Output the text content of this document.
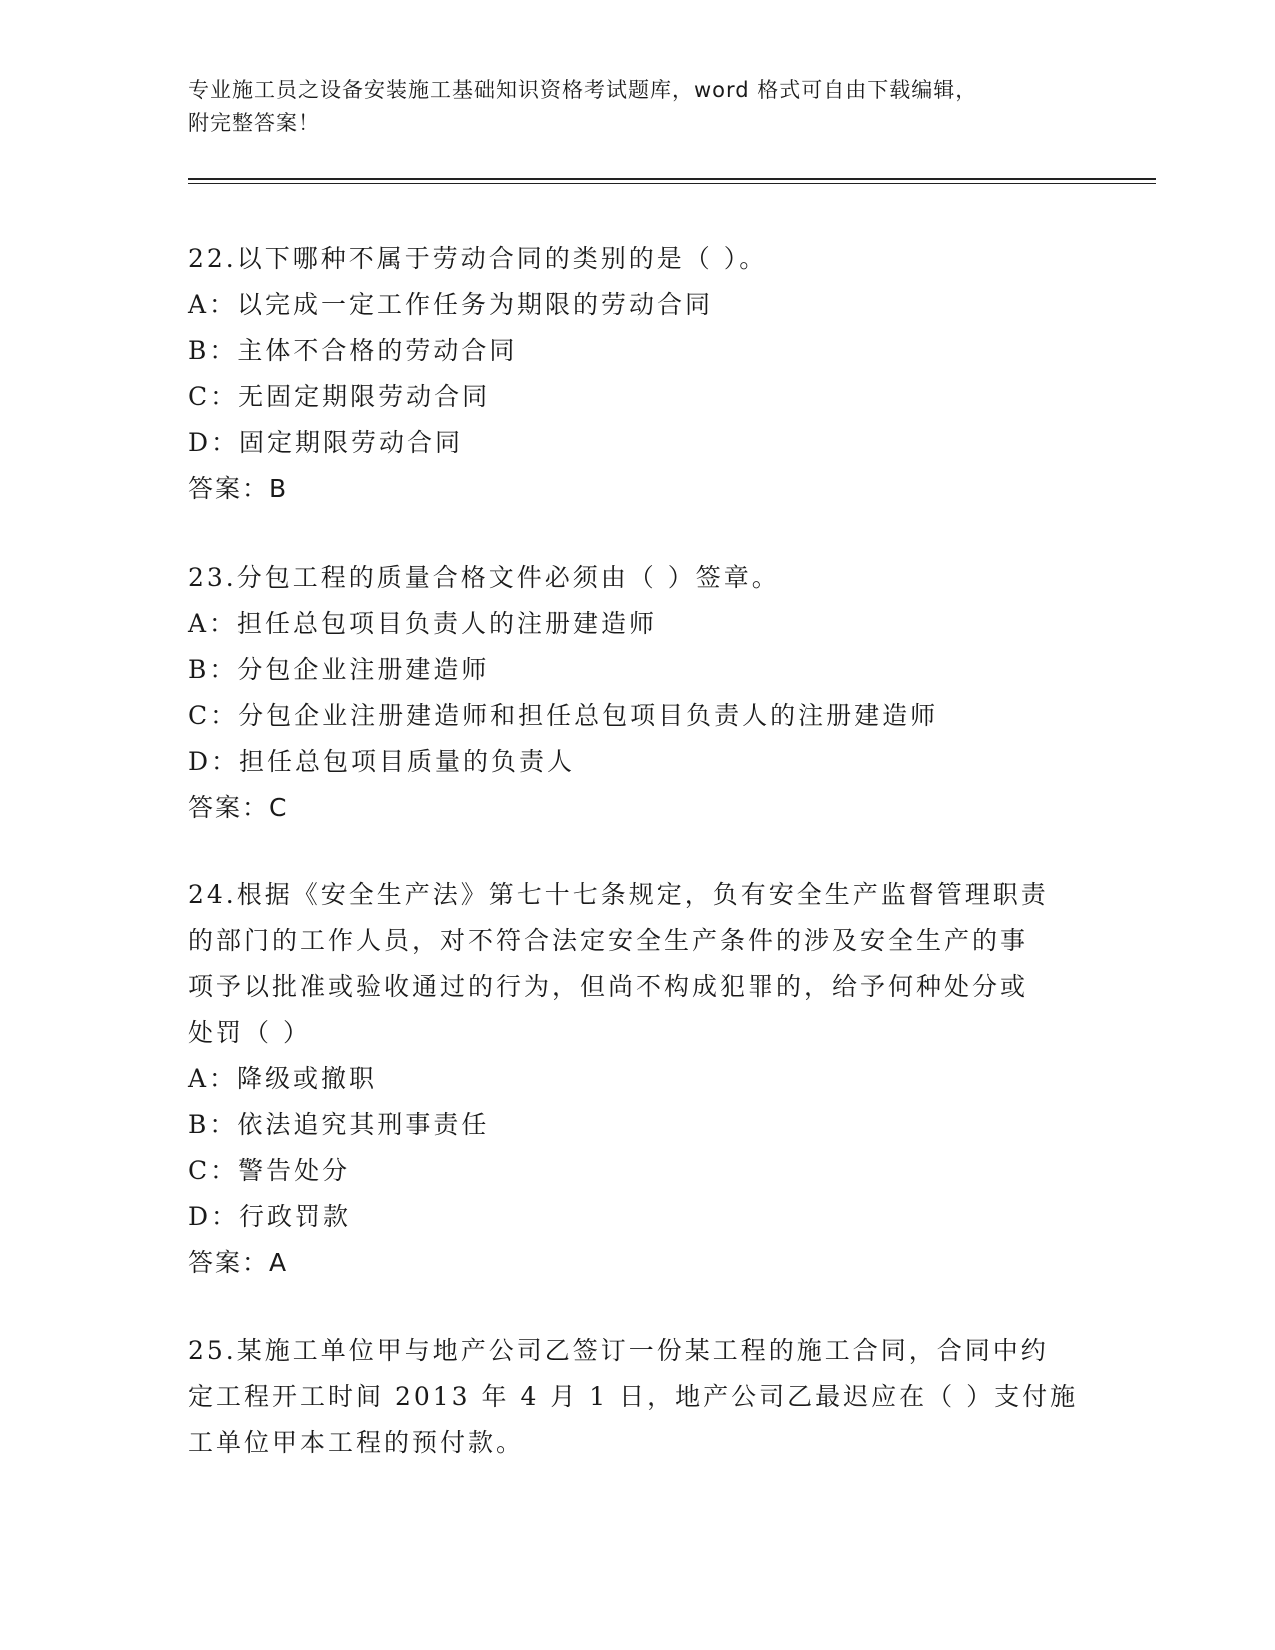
专业施工员之设备安装施工基础知识资格考试题库，word 格式可自由下载编辑，
附完整答案！
22.以下哪种不属于劳动合同的类别的是（ ）。
A：以完成一定工作任务为期限的劳动合同
B：主体不合格的劳动合同
C：无固定期限劳动合同
D：固定期限劳动合同
答案：B
23.分包工程的质量合格文件必须由（ ）签章。
A：担任总包项目负责人的注册建造师
B：分包企业注册建造师
C：分包企业注册建造师和担任总包项目负责人的注册建造师
D：担任总包项目质量的负责人
答案：C
24.根据《安全生产法》第七十七条规定，负有安全生产监督管理职责
的部门的工作人员，对不符合法定安全生产条件的涉及安全生产的事
项予以批准或验收通过的行为，但尚不构成犯罪的，给予何种处分或
处罚（ ）
A：降级或撤职
B：依法追究其刑事责任
C：警告处分
D：行政罚款
答案：A
25.某施工单位甲与地产公司乙签订一份某工程的施工合同，合同中约
定工程开工时间 2013 年 4 月 1 日，地产公司乙最迟应在（ ）支付施
工单位甲本工程的预付款。
